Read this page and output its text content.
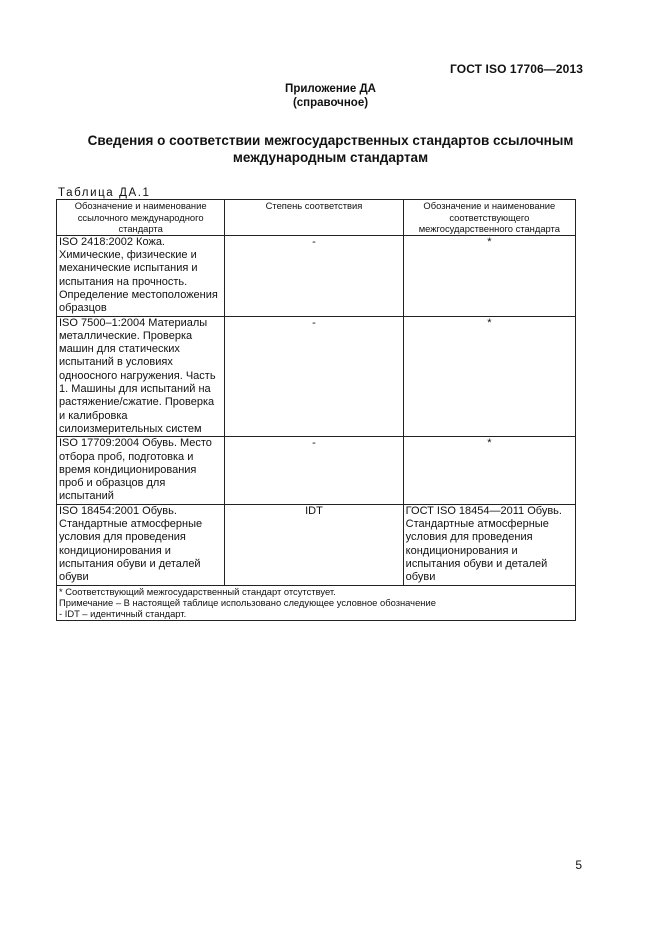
ГОСТ ISO 17706—2013
Приложение ДА
(справочное)
Сведения о соответствии межгосударственных стандартов ссылочным
международным стандартам
Таблица ДА.1
Обозначение и наименование ссылочного международного стандарта	Степень соответствия	Обозначение и наименование соответствующего межгосударственного стандарта
ISO 2418:2002 Кожа. Химические, физические и механические испытания и испытания на прочность. Определение местоположения образцов	-	*
ISO 7500–1:2004 Материалы металлические. Проверка машин для статических испытаний в условиях одноосного нагружения. Часть 1. Машины для испытаний на растяжение/сжатие. Проверка и калибровка силоизмерительных систем	-	*
ISO 17709:2004 Обувь. Место отбора проб, подготовка и время кондиционирования проб и образцов для испытаний	-	*
ISO 18454:2001 Обувь. Стандартные атмосферные условия для проведения кондиционирования и испытания обуви и деталей обуви	IDT	ГОСТ ISO 18454—2011 Обувь. Стандартные атмосферные условия для проведения кондиционирования и испытания обуви и деталей обуви

* Соответствующий межгосударственный стандарт отсутствует.
Примечание – В настоящей таблице использовано следующее условное обозначение
- IDT – идентичный стандарт.		
5
